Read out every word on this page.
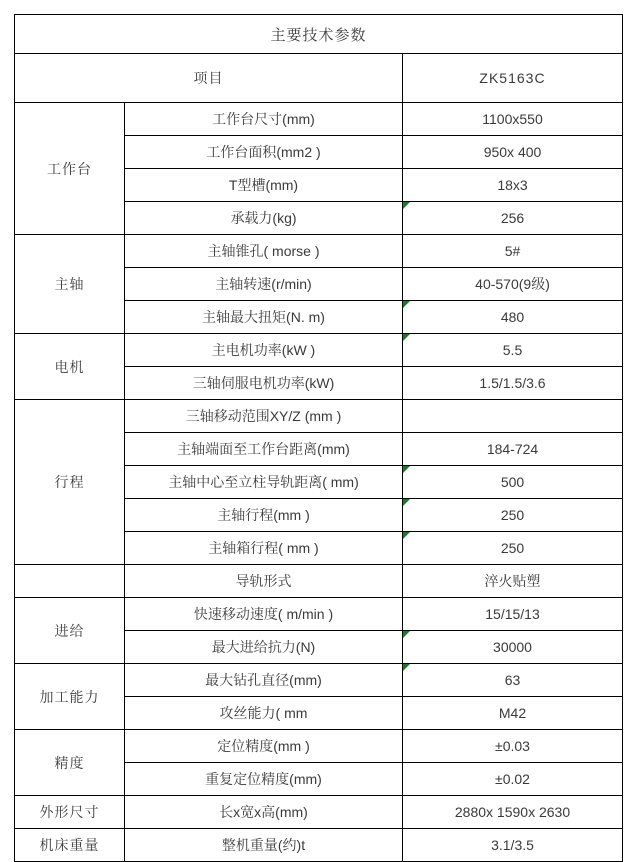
主要技术参数		
项目		ZK5163C
工作台	工作台尺寸(mm)	1100x550
	工作台面积(mm2 )	950x 400
	T型槽(mm)	18x3
	承载力(kg)	256

主轴	主轴锥孔( morse )	5#
	主轴转速(r/min)	40-570(9级)
	主轴最大扭矩(N. m)	480

电机	主电机功率(kW )	5.5

	三轴伺服电机功率(kW)	1.5/1.5/3.6
行程	三轴移动范围XY/Z (mm )	
	主轴端面至工作台距离(mm)	184-724
	主轴中心至立柱导轨距离( mm)	500

	主轴行程(mm )	250

	主轴箱行程( mm )	250

	导轨形式	淬火贴塑
进给	快速移动速度( m/min )	15/15/13
	最大进给抗力(N)	30000

加工能力	最大钻孔直径(mm)	63

	攻丝能力( mm	M42
精度	定位精度(mm )	±0.03
	重复定位精度(mm)	±0.02
外形尺寸	长x宽x高(mm)	2880x 1590x 2630
机床重量	整机重量(约)t	3.1/3.5
